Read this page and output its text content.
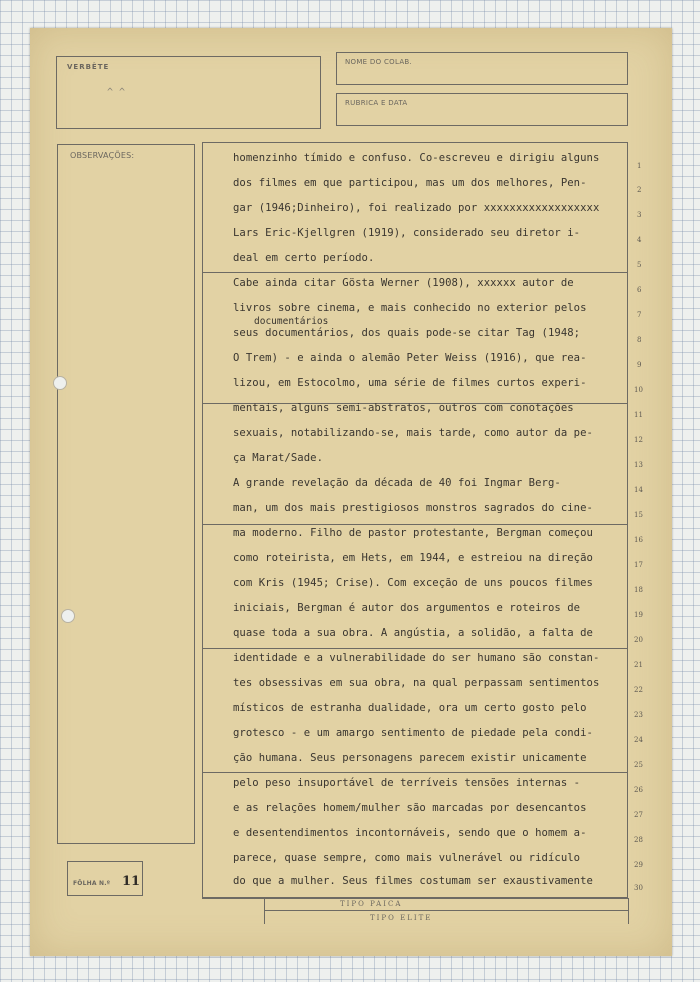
VERBÊTE
^ ^
NOME DO COLAB.
RUBRICA E DATA
OBSERVAÇÕES:
FÔLHA N.º 11
TIPO PAICA
TIPO ELITE
1
2
3
4
5
6
7
8
9
10
11
12
13
14
15
16
17
18
19
20
21
22
23
24
25
26
27
28
29
30
homenzinho tímido e confuso. Co-escreveu e dirigiu alguns
dos filmes em que participou, mas um dos melhores, Pen-
gar (1946;Dinheiro), foi realizado por xxxxxxxxxxxxxxxxxx
Lars Eric-Kjellgren (1919), considerado seu diretor i-
deal em certo período.
Cabe ainda citar Gösta Werner (1908), xxxxxx autor de
livros sobre cinema, e mais conhecido no exterior pelos
documentários
seus documentários, dos quais pode-se citar Tag (1948;
O Trem) - e ainda o alemão Peter Weiss (1916), que rea-
lizou, em Estocolmo, uma série de filmes curtos experi-
mentais, alguns semi-abstratos, outros com conotações
sexuais, notabilizando-se, mais tarde, como autor da pe-
ça Marat/Sade.
A grande revelação da década de 40 foi Ingmar Berg-
man, um dos mais prestigiosos monstros sagrados do cine-
ma moderno. Filho de pastor protestante, Bergman começou
como roteirista, em Hets, em 1944, e estreiou na direção
com Kris (1945; Crise). Com exceção de uns poucos filmes
iniciais, Bergman é autor dos argumentos e roteiros de
quase toda a sua obra. A angústia, a solidão, a falta de
identidade e a vulnerabilidade do ser humano são constan-
tes obsessivas em sua obra, na qual perpassam sentimentos
místicos de estranha dualidade, ora um certo gosto pelo
grotesco - e um amargo sentimento de piedade pela condi-
ção humana. Seus personagens parecem existir unicamente
pelo peso insuportável de terríveis tensões internas -
e as relações homem/mulher são marcadas por desencantos
e desentendimentos incontornáveis, sendo que o homem a-
parece, quase sempre, como mais vulnerável ou ridículo
do que a mulher. Seus filmes costumam ser exaustivamente
